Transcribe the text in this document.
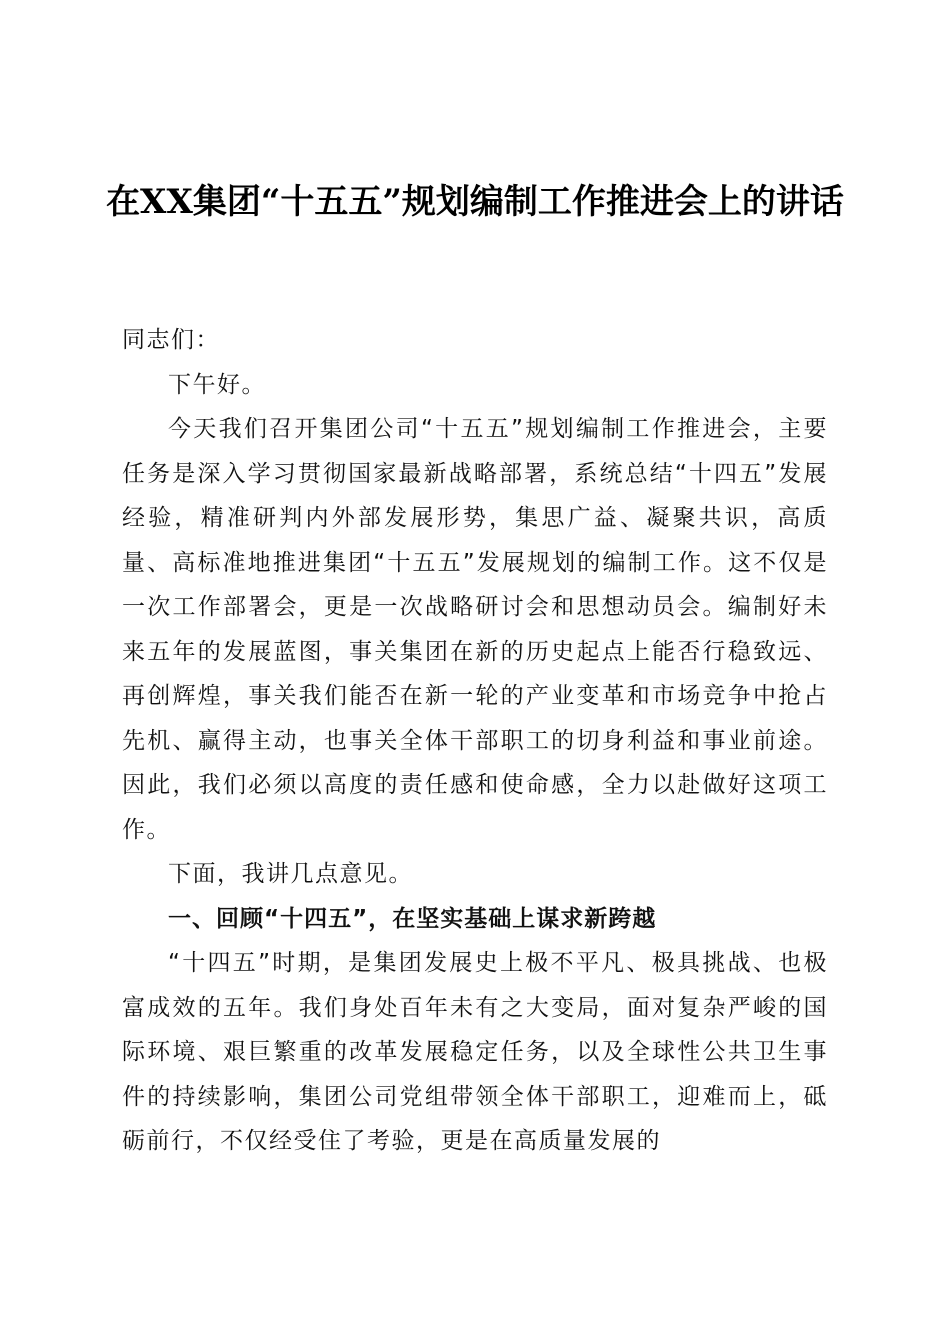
在XX集团“十五五”规划编制工作推进会上的讲话

同志们：

下午好。

今天我们召开集团公司“十五五”规划编制工作推进会，主要任务是深入学习贯彻国家最新战略部署，系统总结“十四五”发展经验，精准研判内外部发展形势，集思广益、凝聚共识，高质量、高标准地推进集团“十五五”发展规划的编制工作。这不仅是一次工作部署会，更是一次战略研讨会和思想动员会。编制好未来五年的发展蓝图，事关集团在新的历史起点上能否行稳致远、再创辉煌，事关我们能否在新一轮的产业变革和市场竞争中抢占先机、赢得主动，也事关全体干部职工的切身利益和事业前途。因此，我们必须以高度的责任感和使命感，全力以赴做好这项工作。

下面，我讲几点意见。

一、回顾“十四五”，在坚实基础上谋求新跨越

“十四五”时期，是集团发展史上极不平凡、极具挑战、也极富成效的五年。我们身处百年未有之大变局，面对复杂严峻的国际环境、艰巨繁重的改革发展稳定任务，以及全球性公共卫生事件的持续影响，集团公司党组带领全体干部职工，迎难而上，砥砺前行，不仅经受住了考验，更是在高质量发展的
